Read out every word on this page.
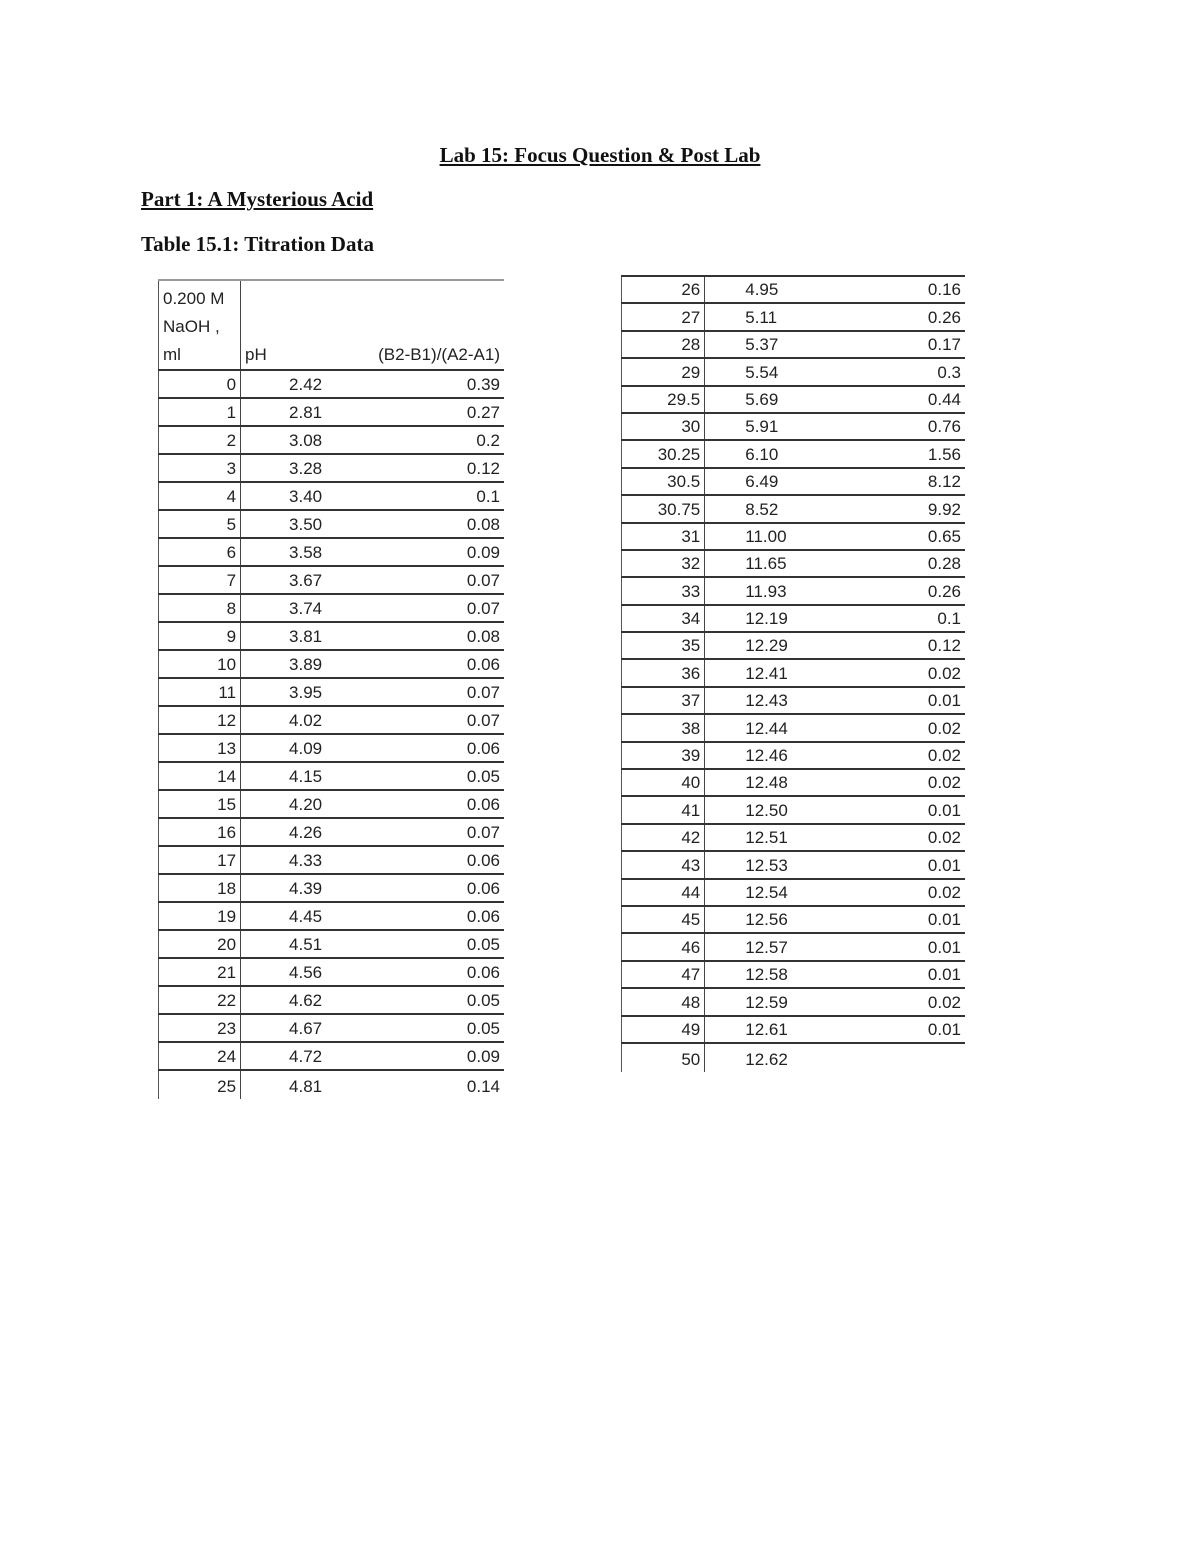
Lab 15: Focus Question & Post Lab
Part 1: A Mysterious Acid
Table 15.1: Titration Data
0.200 M
NaOH ,
ml	pH	(B2-B1)/(A2-A1)
0	2.42	0.39
1	2.81	0.27
2	3.08	0.2
3	3.28	0.12
4	3.40	0.1
5	3.50	0.08
6	3.58	0.09
7	3.67	0.07
8	3.74	0.07
9	3.81	0.08
10	3.89	0.06
11	3.95	0.07
12	4.02	0.07
13	4.09	0.06
14	4.15	0.05
15	4.20	0.06
16	4.26	0.07
17	4.33	0.06
18	4.39	0.06
19	4.45	0.06
20	4.51	0.05
21	4.56	0.06
22	4.62	0.05
23	4.67	0.05
24	4.72	0.09
25	4.81	0.14
26	4.95	0.16
27	5.11	0.26
28	5.37	0.17
29	5.54	0.3
29.5	5.69	0.44
30	5.91	0.76
30.25	6.10	1.56
30.5	6.49	8.12
30.75	8.52	9.92
31	11.00	0.65
32	11.65	0.28
33	11.93	0.26
34	12.19	0.1
35	12.29	0.12
36	12.41	0.02
37	12.43	0.01
38	12.44	0.02
39	12.46	0.02
40	12.48	0.02
41	12.50	0.01
42	12.51	0.02
43	12.53	0.01
44	12.54	0.02
45	12.56	0.01
46	12.57	0.01
47	12.58	0.01
48	12.59	0.02
49	12.61	0.01
50	12.62	
